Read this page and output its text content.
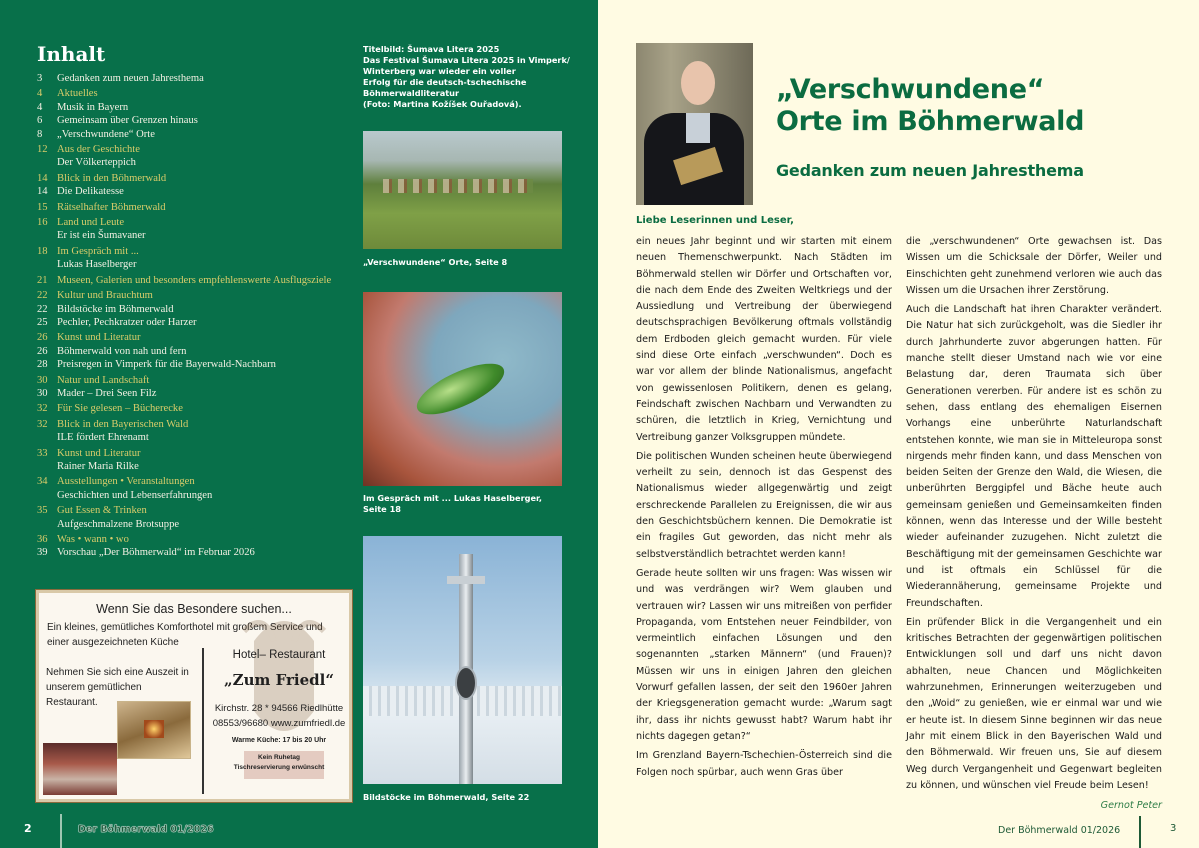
Inhalt
3	Gedanken zum neuen Jahresthema
4	Aktuelles
4	Musik in Bayern
6	Gemeinsam über Grenzen hinaus
8	„Verschwundene“ Orte
12 Aus der Geschichte
Der Völkerteppich
14 Blick in den Böhmerwald
14 Die Delikatesse
15 Rätselhafter Böhmerwald
16 Land und Leute
Er ist ein Šumavaner
18 Im Gespräch mit ...
Lukas Haselberger
21 Museen, Galerien und besonders empfehlenswerte Ausflugsziele
22 Kultur und Brauchtum
22 Bildstöcke im Böhmerwald
25 Pechler, Pechkratzer oder Harzer
26 Kunst und Literatur
26 Böhmerwald von nah und fern
28 Preisregen in Vimperk für die Bayerwald-Nachbarn
30 Natur und Landschaft
30 Mader – Drei Seen Filz
32 Für Sie gelesen – Bücherecke
32 Blick in den Bayerischen Wald
ILE fördert Ehrenamt
33 Kunst und Literatur
Rainer Maria Rilke
34 Ausstellungen • Veranstaltungen
Geschichten und Lebenserfahrungen
35 Gut Essen & Trinken
Aufgeschmalzene Brotsuppe
36 Was • wann • wo
39 Vorschau „Der Böhmerwald“ im Februar 2026
Wenn Sie das Besondere suchen...
Ein kleines, gemütliches Komforthotel mit großem Service und
einer ausgezeichneten Küche
Nehmen Sie sich eine Auszeit in unserem gemütlichen Restaurant.
Hotel– Restaurant
„Zum Friedl“
Kirchstr. 28 * 94566 Riedlhütte
08553/96680 www.zumfriedl.de
Warme Küche: 17 bis 20 Uhr
Kein Ruhetag
Tischreservierung erwünscht
Titelbild: Šumava Litera 2025
Das Festival Šumava Litera 2025 in Vimperk/
Winterberg war wieder ein voller
Erfolg für die deutsch-tschechische
Böhmerwaldliteratur
(Foto: Martina Kožíšek Ouřadová).
„Verschwundene“ Orte, Seite 8
Im Gespräch mit ... Lukas Haselberger,
Seite 18
Bildstöcke im Böhmerwald, Seite 22
2	Der Böhmerwald 01/2026
„Verschwundene“
Orte im Böhmerwald
Gedanken zum neuen Jahresthema
Liebe Leserinnen und Leser,

ein neues Jahr beginnt und wir starten mit einem neuen Themenschwerpunkt. Nach Städten im Böhmerwald stellen wir Dörfer und Ortschaften vor, die nach dem Ende des Zweiten Weltkriegs und der Aussiedlung und Vertreibung der überwiegend deutschsprachigen Bevölkerung oftmals vollständig dem Erdboden gleich gemacht wurden. Für viele sind diese Orte einfach „verschwunden“. Doch es war vor allem der blinde Nationalismus, angefacht von gewissenlosen Politikern, denen es gelang, Feindschaft zwischen Nachbarn und Verwandten zu schüren, die letztlich in Krieg, Vernichtung und Vertreibung ganzer Volksgruppen mündete.

Die politischen Wunden scheinen heute überwiegend verheilt zu sein, dennoch ist das Gespenst des Nationalismus wieder allgegenwärtig und zeigt erschreckende Parallelen zu Ereignissen, die wir aus den Geschichtsbüchern kennen. Die Demokratie ist ein fragiles Gut geworden, das nicht mehr als selbstverständlich betrachtet werden kann!

Gerade heute sollten wir uns fragen: Was wissen wir und was verdrängen wir? Wem glauben und vertrauen wir? Lassen wir uns mitreißen von perfider Propaganda, vom Entstehen neuer Feindbilder, von vermeintlich einfachen Lösungen und den sogenannten „starken Männern“ (und Frauen)? Müssen wir uns in einigen Jahren den gleichen Vorwurf gefallen lassen, der seit den 1960er Jahren der Kriegsgeneration gemacht wurde: „Warum sagt ihr, dass ihr nichts gewusst habt? Warum habt ihr nichts dagegen getan?“

Im Grenzland Bayern-Tschechien-Österreich sind die Folgen noch spürbar, auch wenn Gras über

die „verschwundenen“ Orte gewachsen ist. Das Wissen um die Schicksale der Dörfer, Weiler und Einschichten geht zunehmend verloren wie auch das Wissen um die Ursachen ihrer Zerstörung.

Auch die Landschaft hat ihren Charakter verändert. Die Natur hat sich zurückgeholt, was die Siedler ihr durch Jahrhunderte zuvor abgerungen hatten. Für manche stellt dieser Umstand nach wie vor eine Belastung dar, deren Traumata sich über Generationen vererben. Für andere ist es schön zu sehen, dass entlang des ehemaligen Eisernen Vorhangs eine unberührte Naturlandschaft entstehen konnte, wie man sie in Mitteleuropa sonst nirgends mehr finden kann, und dass Menschen von beiden Seiten der Grenze den Wald, die Wiesen, die unberührten Berggipfel und Bäche heute auch gemeinsam genießen und Gemeinsamkeiten finden können, wenn das Interesse und der Wille besteht wieder aufeinander zuzugehen. Nicht zuletzt die Beschäftigung mit der gemeinsamen Geschichte war und ist oftmals ein Schlüssel für die Wiederannäherung, gemeinsame Projekte und Freundschaften.

Ein prüfender Blick in die Vergangenheit und ein kritisches Betrachten der gegenwärtigen politischen Entwicklungen soll und darf uns nicht davon abhalten, neue Chancen und Möglichkeiten wahrzunehmen, Erinnerungen weiterzugeben und den „Woid“ zu genießen, wie er einmal war und wie er heute ist. In diesem Sinne beginnen wir das neue Jahr mit einem Blick in den Bayerischen Wald und den Böhmerwald. Wir freuen uns, Sie auf diesem Weg durch Vergangenheit und Gegenwart begleiten zu können, und wünschen viel Freude beim Lesen!

Gernot Peter
Der Böhmerwald 01/2026	3
